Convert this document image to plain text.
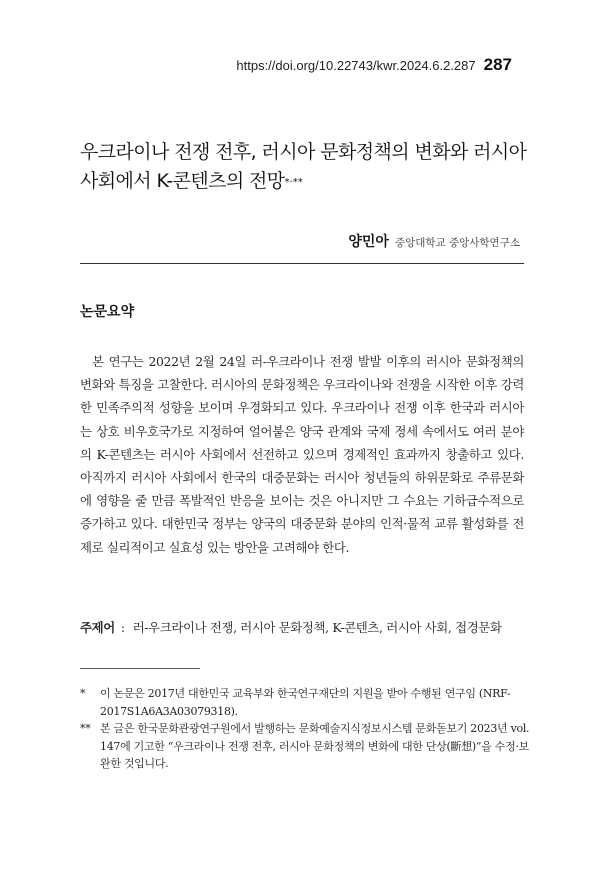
https://doi.org/10.22743/kwr.2024.6.2.287 287
우크라이나 전쟁 전후, 러시아 문화정책의 변화와 러시아 사회에서 K-콘텐츠의 전망*·**
양민아 중앙대학교 중앙사학연구소
논문요약

본 연구는 2022년 2월 24일 러-우크라이나 전쟁 발발 이후의 러시아 문화정책의 변화와 특징을 고찰한다. 러시아의 문화정책은 우크라이나와 전쟁을 시작한 이후 강력한 민족주의적 성향을 보이며 우경화되고 있다. 우크라이나 전쟁 이후 한국과 러시아는 상호 비우호국가로 지정하여 얼어붙은 양국 관계와 국제 정세 속에서도 여러 분야의 K-콘텐츠는 러시아 사회에서 선전하고 있으며 경제적인 효과까지 창출하고 있다. 아직까지 러시아 사회에서 한국의 대중문화는 러시아 청년들의 하위문화로 주류문화에 영향을 줄 만큼 폭발적인 반응을 보이는 것은 아니지만 그 수요는 기하급수적으로 증가하고 있다. 대한민국 정부는 양국의 대중문화 분야의 인적·물적 교류 활성화를 전제로 실리적이고 실효성 있는 방안을 고려해야 한다.

주제어 : 러-우크라이나 전쟁, 러시아 문화정책, K-콘텐츠, 러시아 사회, 접경문화
*	이 논문은 2017년 대한민국 교육부와 한국연구재단의 지원을 받아 수행된 연구임 (NRF-2017S1A6A3A03079318).
** 본 글은 한국문화관광연구원에서 발행하는 문화예술지식정보시스템 문화돋보기 2023년 vol. 147에 기고한 “우크라이나 전쟁 전후, 러시아 문화정책의 변화에 대한 단상(斷想)”을 수정·보완한 것입니다.
